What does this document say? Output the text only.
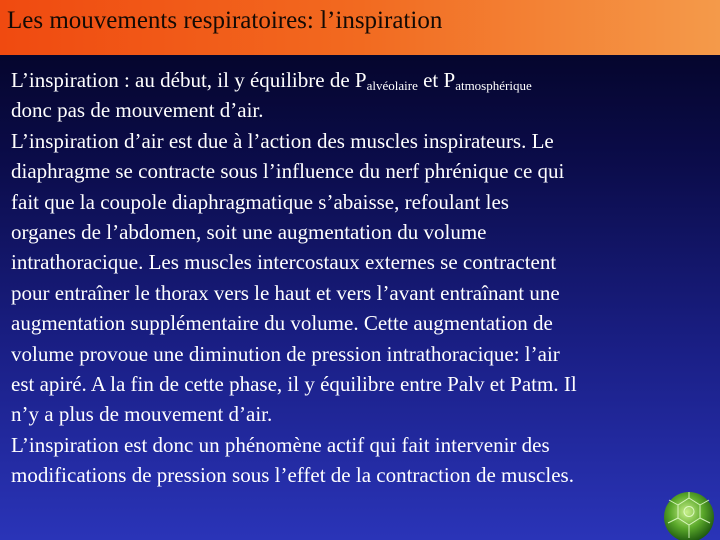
Les mouvements respiratoires: l’inspiration
L’inspiration : au début, il y équilibre de $P_{alvéolaire}$ et $P_{atmosphérique}$
donc pas de mouvement d’air.
L’inspiration d’air est due à l’action des muscles inspirateurs. Le
diaphragme se contracte sous l’influence du nerf phrénique ce qui
fait que la coupole diaphragmatique s’abaisse, refoulant les
organes de l’abdomen, soit une augmentation du volume
intrathoracique. Les muscles intercostaux externes se contractent
pour entraîner le thorax vers le haut et vers l’avant entraînant une
augmentation supplémentaire du volume. Cette augmentation de
volume provoue une diminution de pression intrathoracique: l’air
est apiré. A la fin de cette phase, il y équilibre entre Palv et Patm. Il
n’y a plus de mouvement d’air.
L’inspiration est donc un phénomène actif qui fait intervenir des
modifications de pression sous l’effet de la contraction de muscles.
